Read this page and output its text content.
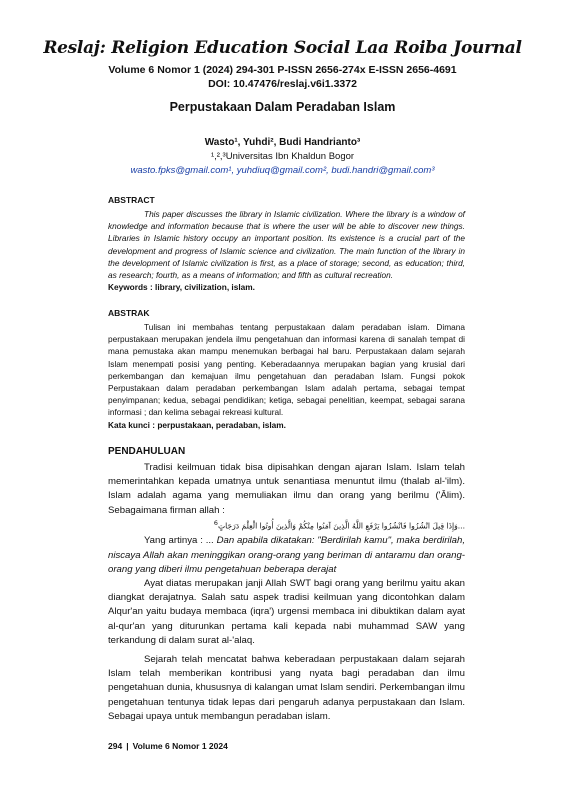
Reslaj: Religion Education Social Laa Roiba Journal
Volume 6 Nomor 1 (2024) 294-301 P-ISSN 2656-274x E-ISSN 2656-4691
DOI: 10.47476/reslaj.v6i1.3372
Perpustakaan Dalam Peradaban Islam
Wasto¹, Yuhdi², Budi Handrianto³
¹,²,³Universitas Ibn Khaldun Bogor
wasto.fpks@gmail.com¹, yuhdiuq@gmail.com², budi.handri@gmail.com³
ABSTRACT

This paper discusses the library in Islamic civilization. Where the library is a window of knowledge and information because that is where the user will be able to discover new things. Libraries in Islamic history occupy an important position. Its existence is a crucial part of the development and progress of Islamic science and civilization. The main function of the library in the development of Islamic civilization is first, as a place of storage; second, as education; third, as research; fourth, as a means of information; and fifth as cultural recreation.

Keywords : library, civilization, islam.

ABSTRAK

Tulisan ini membahas tentang perpustakaan dalam peradaban islam. Dimana perpustakaan merupakan jendela ilmu pengetahuan dan informasi karena di sanalah tempat di mana pemustaka akan mampu menemukan berbagai hal baru. Perpustakaan dalam sejarah Islam menempati posisi yang penting. Keberadaannya merupakan bagian yang krusial dari perkembangan dan kemajuan ilmu pengetahuan dan peradaban Islam. Fungsi pokok Perpustakaan dalam peradaban perkembangan Islam adalah pertama, sebagai tempat penyimpanan; kedua, sebagai pendidikan; ketiga, sebagai penelitian, keempat, sebagai sarana informasi ; dan kelima sebagai rekreasi kultural.

Kata kunci : perpustakaan, peradaban, islam.

PENDAHULUAN

Tradisi keilmuan tidak bisa dipisahkan dengan ajaran Islam. Islam telah memerintahkan kepada umatnya untuk senantiasa menuntut ilmu (thalab al-'ilm). Islam adalah agama yang memuliakan ilmu dan orang yang berilmu ('Âlim). Sebagaimana firman allah :

...وَإِذَا قِيلَ انْشُزُوا فَانْشُزُوا يَرْفَعِ اللَّهُ الَّذِينَ آمَنُوا مِنْكُمْ وَالَّذِينَ أُوتُوا الْعِلْمَ دَرَجَاتٍ$^6$

Yang artinya : ... Dan apabila dikatakan: "Berdirilah kamu", maka berdirilah, niscaya Allah akan meninggikan orang-orang yang beriman di antaramu dan orang-orang yang diberi ilmu pengetahuan beberapa derajat

Ayat diatas merupakan janji Allah SWT bagi orang yang berilmu yaitu akan diangkat derajatnya. Salah satu aspek tradisi keilmuan yang dicontohkan dalam Alqur'an yaitu budaya membaca (iqra') urgensi membaca ini dibuktikan dalam ayat al-qur'an yang diturunkan pertama kali kepada nabi muhammad SAW yang terkandung di dalam surat al-'alaq.

Sejarah telah mencatat bahwa keberadaan perpustakaan dalam sejarah Islam telah memberikan kontribusi yang nyata bagi peradaban dan ilmu pengetahuan dunia, khususnya di kalangan umat Islam sendiri. Perkembangan ilmu pengetahuan tentunya tidak lepas dari pengaruh adanya perpustakaan dan Islam. Sebagai upaya untuk membangun peradaban islam.

294 | Volume 6 Nomor 1 2024
